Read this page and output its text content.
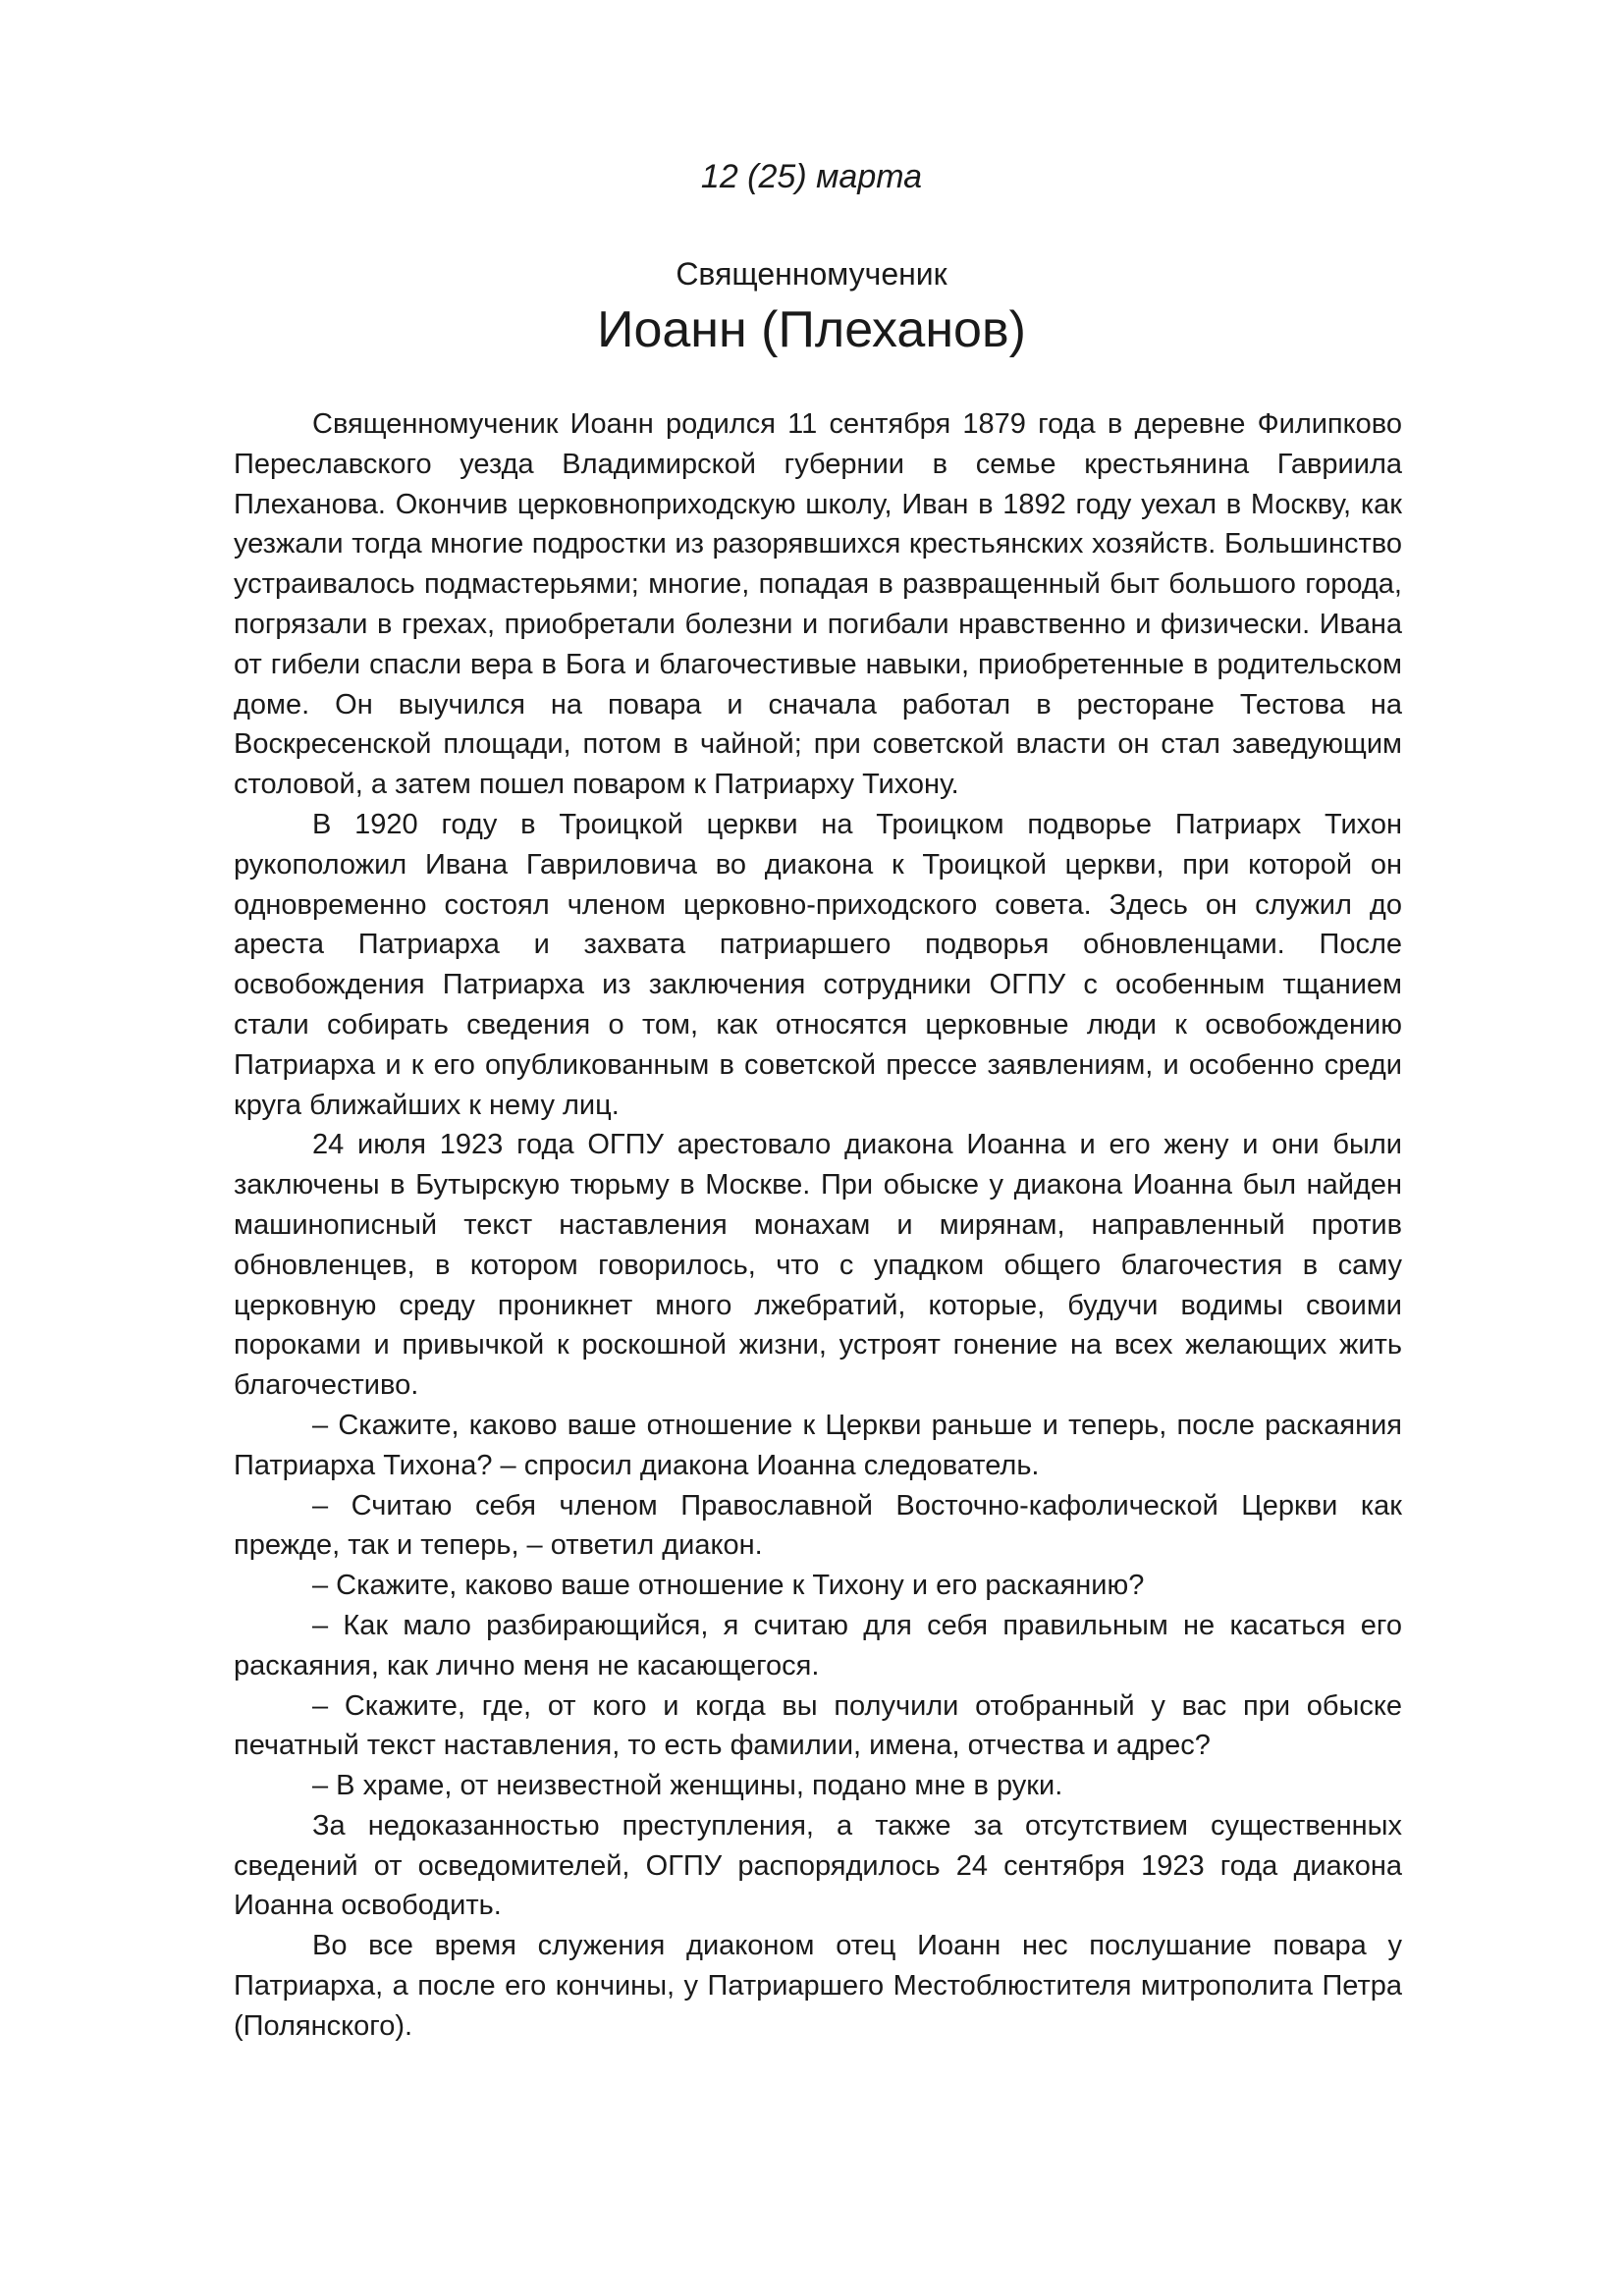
12 (25) марта
Священномученик
Иоанн (Плеханов)

Священномученик Иоанн родился 11 сентября 1879 года в деревне Филипково Переславского уезда Владимирской губернии в семье крестьянина Гавриила Плеханова. Окончив церковноприходскую школу, Иван в 1892 году уехал в Москву, как уезжали тогда многие подростки из разорявшихся крестьянских хозяйств. Большинство устраивалось подмастерьями; многие, попадая в развращенный быт большого города, погрязали в грехах, приобретали болезни и погибали нравственно и физически. Ивана от гибели спасли вера в Бога и благочестивые навыки, приобретенные в родительском доме. Он выучился на повара и сначала работал в ресторане Тестова на Воскресенской площади, потом в чайной; при советской власти он стал заведующим столовой, а затем пошел поваром к Патриарху Тихону.

В 1920 году в Троицкой церкви на Троицком подворье Патриарх Тихон рукоположил Ивана Гавриловича во диакона к Троицкой церкви, при которой он одновременно состоял членом церковно-приходского совета. Здесь он служил до ареста Патриарха и захвата патриаршего подворья обновленцами. После освобождения Патриарха из заключения сотрудники ОГПУ с особенным тщанием стали собирать сведения о том, как относятся церковные люди к освобождению Патриарха и к его опубликованным в советской прессе заявлениям, и особенно среди круга ближайших к нему лиц.

24 июля 1923 года ОГПУ арестовало диакона Иоанна и его жену и они были заключены в Бутырскую тюрьму в Москве. При обыске у диакона Иоанна был найден машинописный текст наставления монахам и мирянам, направленный против обновленцев, в котором говорилось, что с упадком общего благочестия в саму церковную среду проникнет много лжебратий, которые, будучи водимы своими пороками и привычкой к роскошной жизни, устроят гонение на всех желающих жить благочестиво.

– Скажите, каково ваше отношение к Церкви раньше и теперь, после раскаяния Патриарха Тихона? – спросил диакона Иоанна следователь.

– Считаю себя членом Православной Восточно-кафолической Церкви как прежде, так и теперь, – ответил диакон.

– Скажите, каково ваше отношение к Тихону и его раскаянию?

– Как мало разбирающийся, я считаю для себя правильным не касаться его раскаяния, как лично меня не касающегося.

– Скажите, где, от кого и когда вы получили отобранный у вас при обыске печатный текст наставления, то есть фамилии, имена, отчества и адрес?

– В храме, от неизвестной женщины, подано мне в руки.

За недоказанностью преступления, а также за отсутствием существенных сведений от осведомителей, ОГПУ распорядилось 24 сентября 1923 года диакона Иоанна освободить.

Во все время служения диаконом отец Иоанн нес послушание повара у Патриарха, а после его кончины, у Патриаршего Местоблюстителя митрополита Петра (Полянского).
